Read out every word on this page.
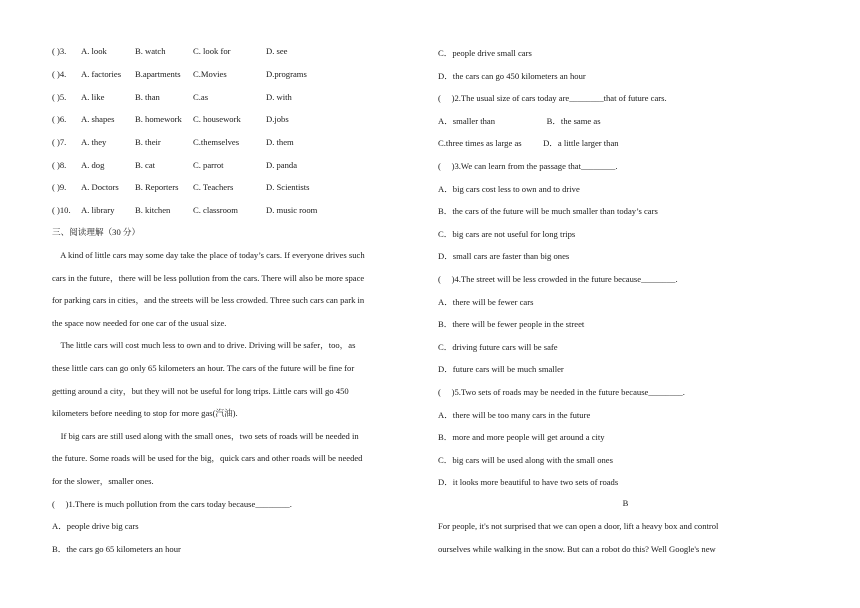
( )3. A. look	B. watch	C. look for	D. see
( )4. A. factories B.apartments C.Movies	D.programs
( )5. A. like	B. than	C.as	D. with
( )6. A. shapes B. homework C. housework	D.jobs
( )7. A. they	B. their	C.themselves	D. them
( )8. A. dog	B. cat	C. parrot	D. panda
( )9. A. Doctors B. Reporters C. Teachers	D. Scientists
( )10. A. library B. kitchen	C. classroom	D. music room
三、阅读理解（30 分）
A kind of little cars may some day take the place of today’s cars. If everyone drives such
cars in the future，there will be less pollution from the cars. There will also be more space
for parking cars in cities，and the streets will be less crowded. Three such cars can park in
the space now needed for one car of the usual size.
The little cars will cost much less to own and to drive. Driving will be safer，too，as
these little cars can go only 65 kilometers an hour. The cars of the future will be fine for
getting around a city，but they will not be useful for long trips. Little cars will go 450
kilometers before needing to stop for more gas(汽油).
If big cars are still used along with the small ones，two sets of roads will be needed in
the future. Some roads will be used for the big，quick cars and other roads will be needed
for the slower，smaller ones.
(     )1.There is much pollution from the cars today because________.
A．people drive big cars
B．the cars go 65 kilometers an hour
C．people drive small cars
D．the cars can go 450 kilometers an hour
(     )2.The usual size of cars today are________that of future cars.
A．smaller than                        B．the same as
C.three times as large as          D．a little larger than
(     )3.We can learn from the passage that________.
A．big cars cost less to own and to drive
B．the cars of the future will be much smaller than today’s cars
C．big cars are not useful for long trips
D．small cars are faster than big ones
(     )4.The street will be less crowded in the future because________.
A．there will be fewer cars
B．there will be fewer people in the street
C．driving future cars will be safe
D．future cars will be much smaller
(     )5.Two sets of roads may be needed in the future because________.
A．there will be too many cars in the future
B．more and more people will get around a city
C．big cars will be used along with the small ones
D．it looks more beautiful to have two sets of roads
B
For people, it's not surprised that we can open a door, lift a heavy box and control
ourselves while walking in the snow. But can a robot do this? Well Google's new
